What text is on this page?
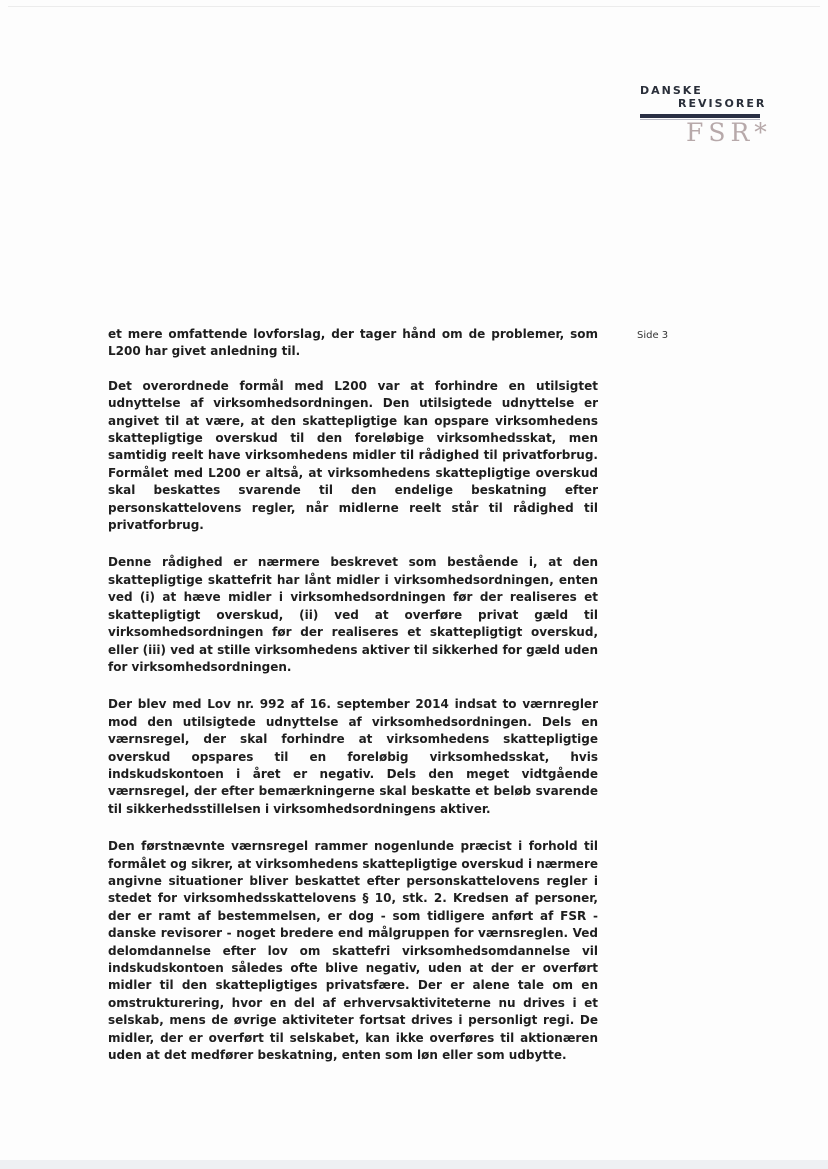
DANSKE
REVISORER
FSR*
Side 3

et mere omfattende lovforslag, der tager hånd om de problemer, som L200 har givet anledning til.

Det overordnede formål med L200 var at forhindre en utilsigtet udnyttelse af virksomhedsordningen. Den utilsigtede udnyttelse er angivet til at være, at den skattepligtige kan opspare virksomhedens skattepligtige overskud til den foreløbige virksomhedsskat, men samtidig reelt have virksomhedens midler til rådighed til privatforbrug. Formålet med L200 er altså, at virksomhedens skattepligtige overskud skal beskattes svarende til den endelige beskatning efter personskattelovens regler, når midlerne reelt står til rådighed til privatforbrug.

Denne rådighed er nærmere beskrevet som bestående i, at den skattepligtige skattefrit har lånt midler i virksomhedsordningen, enten ved (i) at hæve midler i virksomhedsordningen før der realiseres et skattepligtigt overskud, (ii) ved at overføre privat gæld til virksomhedsordningen før der realiseres et skattepligtigt overskud, eller (iii) ved at stille virksomhedens aktiver til sikkerhed for gæld uden for virksomhedsordningen.

Der blev med Lov nr. 992 af 16. september 2014 indsat to værnregler mod den utilsigtede udnyttelse af virksomhedsordningen. Dels en værnsregel, der skal forhindre at virksomhedens skattepligtige overskud opspares til en foreløbig virksomhedsskat, hvis indskudskontoen i året er negativ. Dels den meget vidtgående værnsregel, der efter bemærkningerne skal beskatte et beløb svarende til sikkerhedsstillelsen i virksomhedsordningens aktiver.

Den førstnævnte værnsregel rammer nogenlunde præcist i forhold til formålet og sikrer, at virksomhedens skattepligtige overskud i nærmere angivne situationer bliver beskattet efter personskattelovens regler i stedet for virksomhedsskattelovens § 10, stk. 2. Kredsen af personer, der er ramt af bestemmelsen, er dog - som tidligere anført af FSR - danske revisorer - noget bredere end målgruppen for værnsreglen. Ved delomdannelse efter lov om skattefri virksomhedsomdannelse vil indskudskontoen således ofte blive negativ, uden at der er overført midler til den skattepligtiges privatsfære. Der er alene tale om en omstrukturering, hvor en del af erhvervsaktiviteterne nu drives i et selskab, mens de øvrige aktiviteter fortsat drives i personligt regi. De midler, der er overført til selskabet, kan ikke overføres til aktionæren uden at det medfører beskatning, enten som løn eller som udbytte.
